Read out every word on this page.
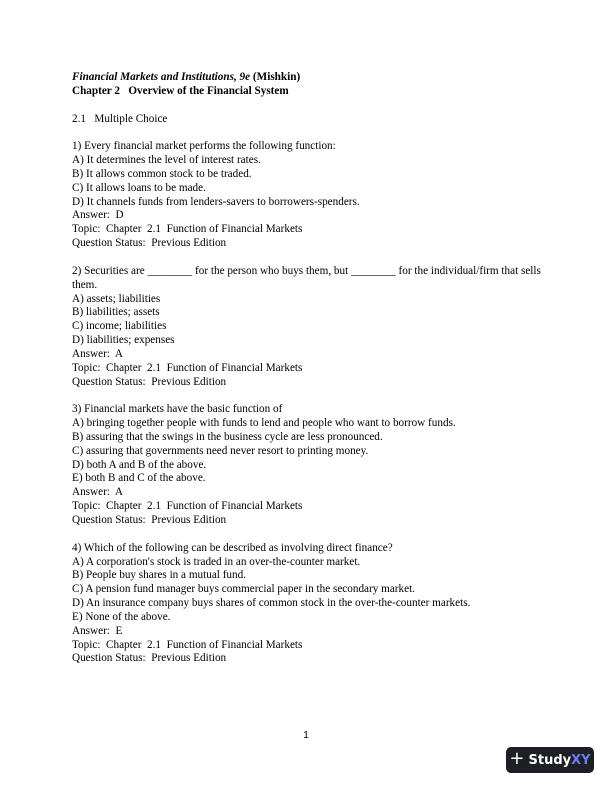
Financial Markets and Institutions, 9e (Mishkin)
Chapter 2   Overview of the Financial System
2.1   Multiple Choice
1) Every financial market performs the following function:
A) It determines the level of interest rates.
B) It allows common stock to be traded.
C) It allows loans to be made.
D) It channels funds from lenders-savers to borrowers-spenders.
Answer:  D
Topic:  Chapter  2.1  Function of Financial Markets
Question Status:  Previous Edition
2) Securities are ________ for the person who buys them, but ________ for the individual/firm that sells them.
A) assets; liabilities
B) liabilities; assets
C) income; liabilities
D) liabilities; expenses
Answer:  A
Topic:  Chapter  2.1  Function of Financial Markets
Question Status:  Previous Edition
3) Financial markets have the basic function of
A) bringing together people with funds to lend and people who want to borrow funds.
B) assuring that the swings in the business cycle are less pronounced.
C) assuring that governments need never resort to printing money.
D) both A and B of the above.
E) both B and C of the above.
Answer:  A
Topic:  Chapter  2.1  Function of Financial Markets
Question Status:  Previous Edition
4) Which of the following can be described as involving direct finance?
A) A corporation's stock is traded in an over-the-counter market.
B) People buy shares in a mutual fund.
C) A pension fund manager buys commercial paper in the secondary market.
D) An insurance company buys shares of common stock in the over-the-counter markets.
E) None of the above.
Answer:  E
Topic:  Chapter  2.1  Function of Financial Markets
Question Status:  Previous Edition
1
+ StudyXY
